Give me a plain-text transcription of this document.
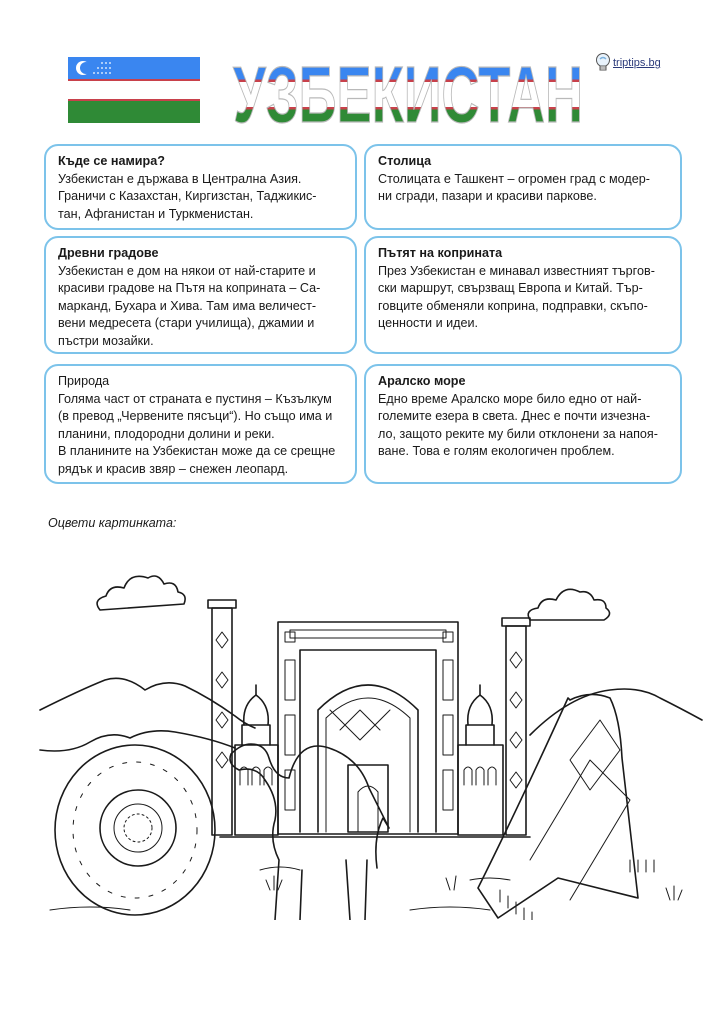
УЗБЕКИСТАН	triptips.bg

Къде се намира?

Узбекистан е държава в Централна Азия.

Граничи с Казахстан, Киргизстан, Таджикис-

тан, Афганистан и Туркменистан.

Столица

Столицата е Ташкент – огромен град с модер-

ни сгради, пазари и красиви паркове.

Древни градове

Узбекистан е дом на някои от най-старите и

красиви градове на Пътя на коприната – Са-

марканд, Бухара и Хива. Там има величест-

вени медресета (стари училища), джамии и

пъстри мозайки.

Пътят на коприната

През Узбекистан е минавал известният търгов-

ски маршрут, свързващ Европа и Китай. Тър-

говците обменяли коприна, подправки, скъпо-

ценности и идеи.

Природа

Голяма част от страната е пустиня – Къзълкум

(в превод „Червените пясъци“). Но също има и

планини, плодородни долини и реки.

В планините на Узбекистан може да се срещне

рядък и красив звяр – снежен леопард.

Аралско море

Едно време Аралско море било едно от най-

големите езера в света. Днес е почти изчезна-

ло, защото реките му били отклонени за напоя-

ване. Това е голям екологичен проблем.

Оцвети картинката:
